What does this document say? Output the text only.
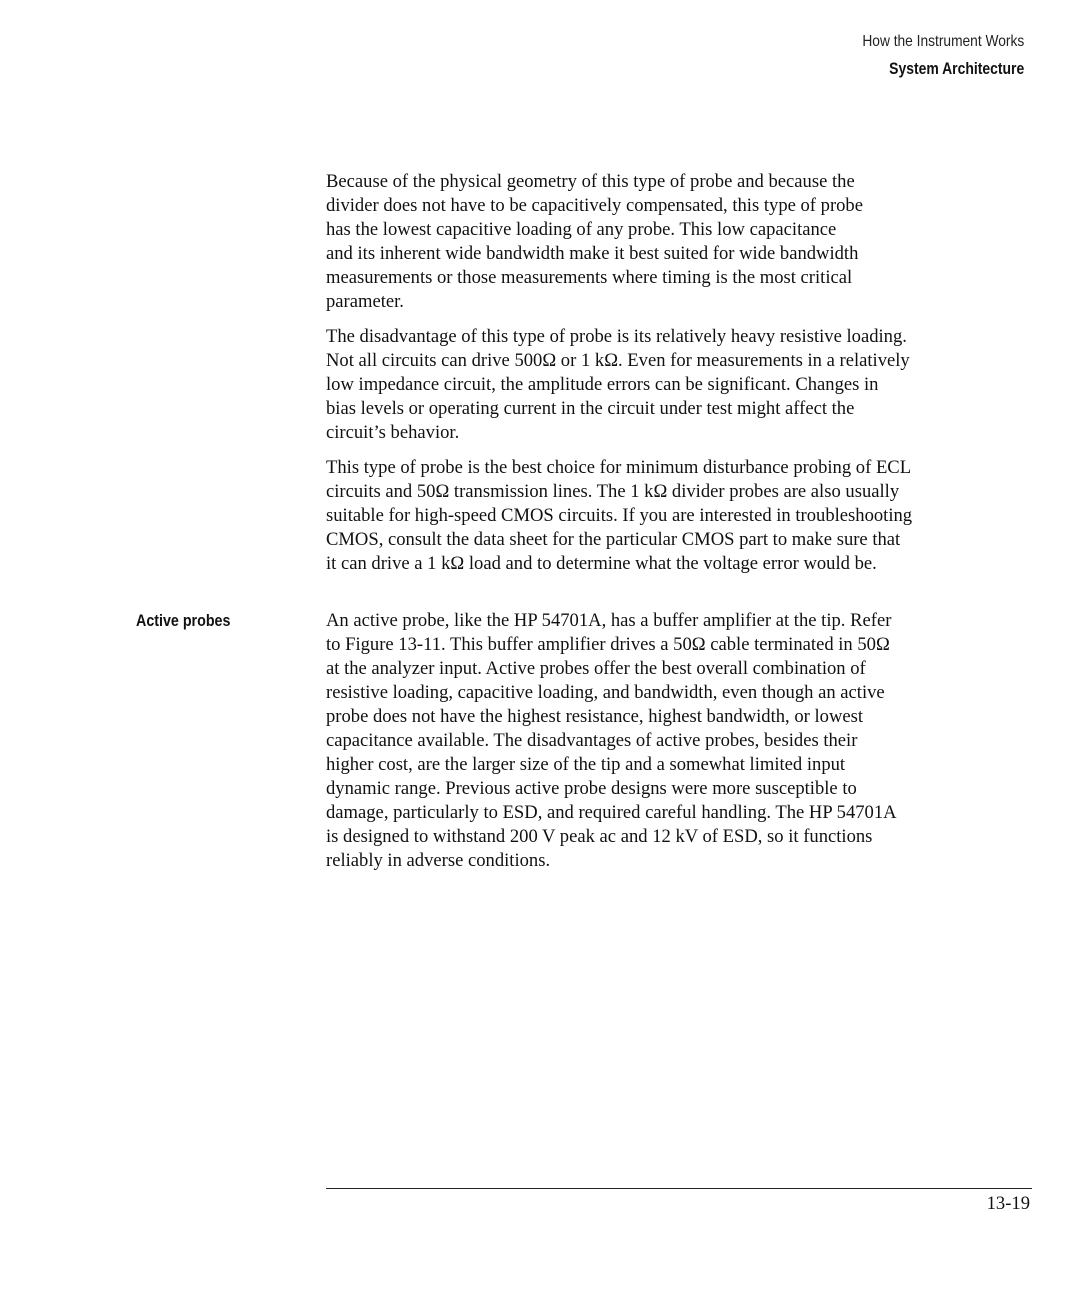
How the Instrument Works
System Architecture

Because of the physical geometry of this type of probe and because the
divider does not have to be capacitively compensated, this type of probe
has the lowest capacitive loading of any probe. This low capacitance
and its inherent wide bandwidth make it best suited for wide bandwidth
measurements or those measurements where timing is the most critical
parameter.

The disadvantage of this type of probe is its relatively heavy resistive loading.
Not all circuits can drive 500Ω or 1 kΩ. Even for measurements in a relatively
low impedance circuit, the amplitude errors can be significant. Changes in
bias levels or operating current in the circuit under test might affect the
circuit’s behavior.

This type of probe is the best choice for minimum disturbance probing of ECL
circuits and 50Ω transmission lines. The 1 kΩ divider probes are also usually
suitable for high-speed CMOS circuits. If you are interested in troubleshooting
CMOS, consult the data sheet for the particular CMOS part to make sure that
it can drive a 1 kΩ load and to determine what the voltage error would be.

Active probes	An active probe, like the HP 54701A, has a buffer amplifier at the tip. Refer
to Figure 13-11. This buffer amplifier drives a 50Ω cable terminated in 50Ω
at the analyzer input. Active probes offer the best overall combination of
resistive loading, capacitive loading, and bandwidth, even though an active
probe does not have the highest resistance, highest bandwidth, or lowest
capacitance available. The disadvantages of active probes, besides their
higher cost, are the larger size of the tip and a somewhat limited input
dynamic range. Previous active probe designs were more susceptible to
damage, particularly to ESD, and required careful handling. The HP 54701A
is designed to withstand 200 V peak ac and 12 kV of ESD, so it functions
reliably in adverse conditions.

13-19
